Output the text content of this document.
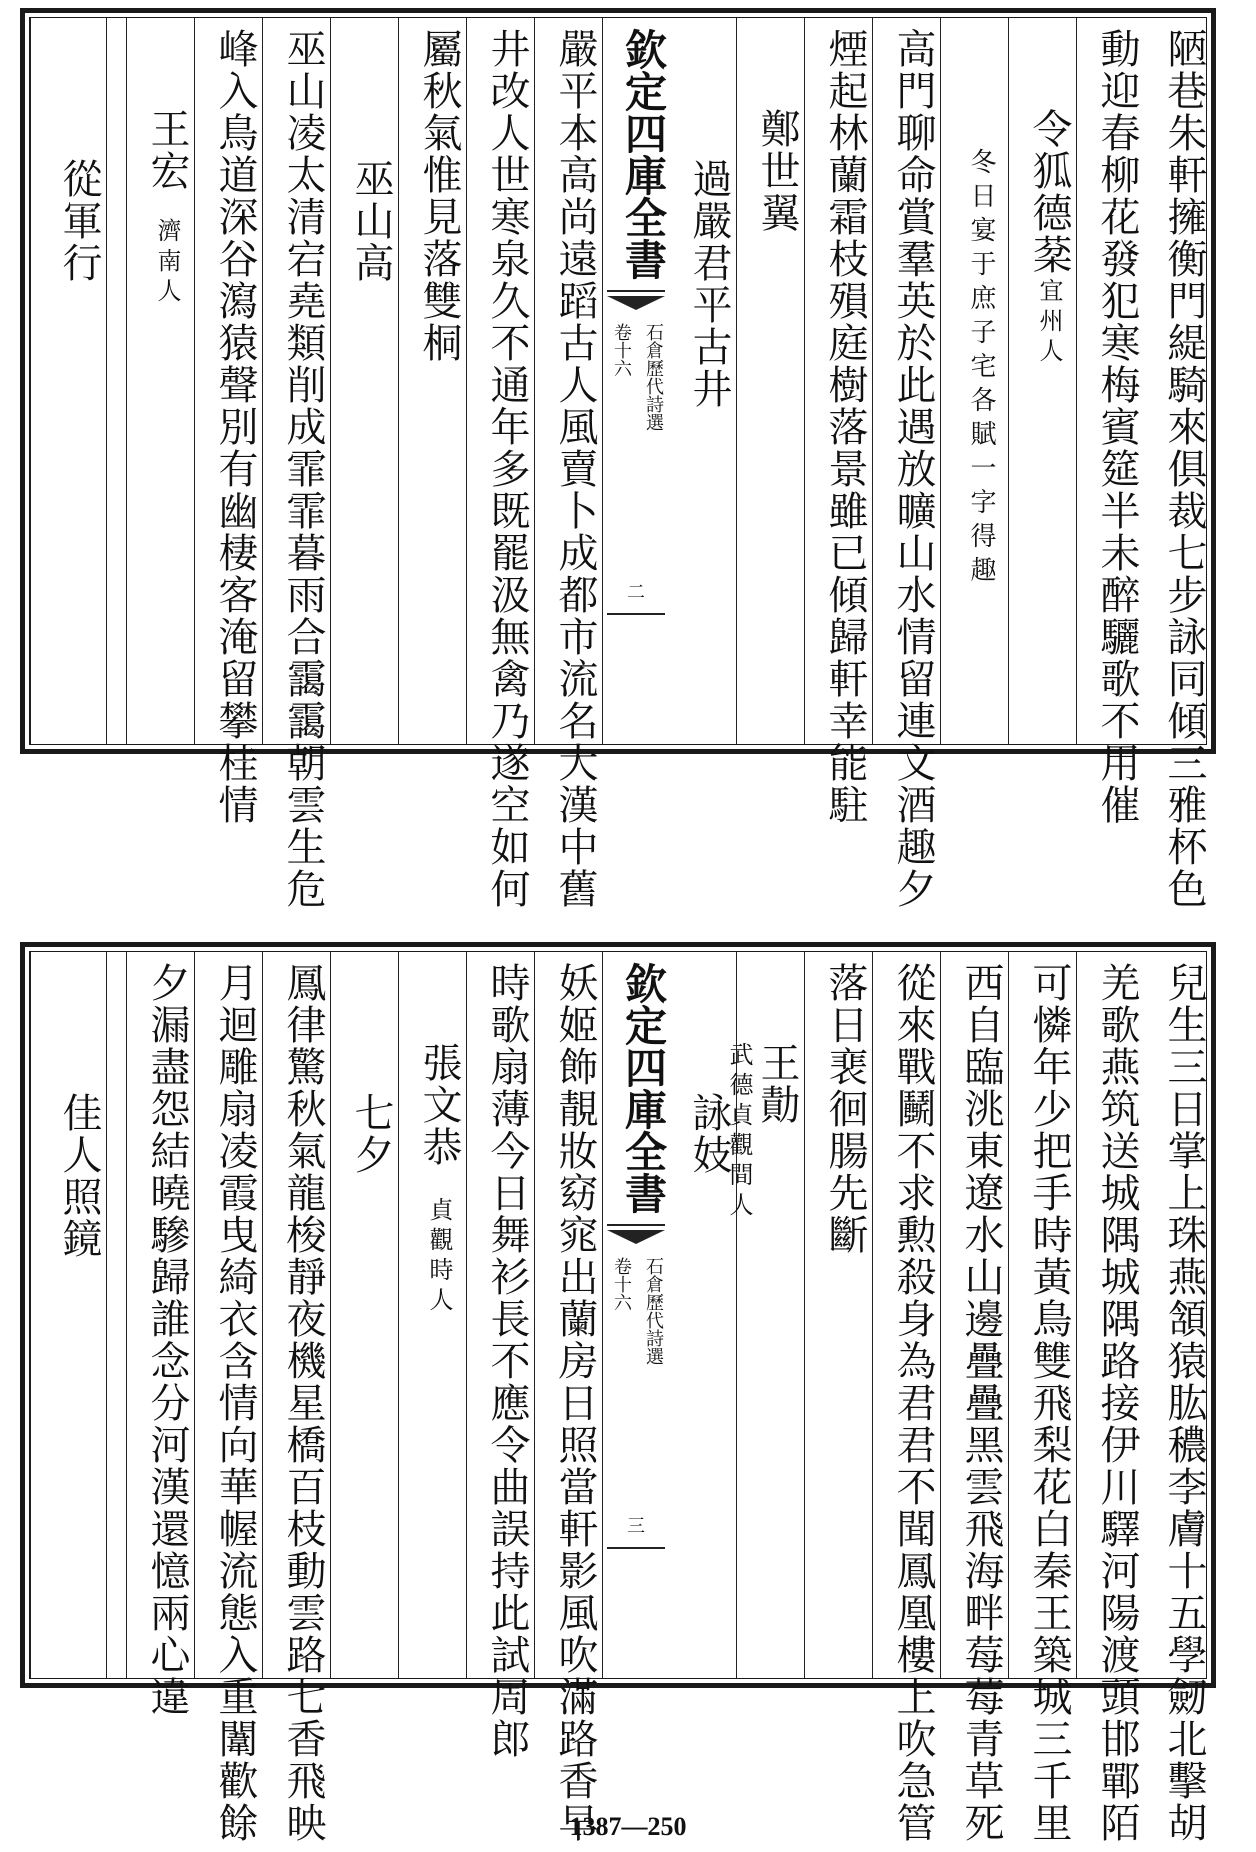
陋巷朱軒擁衡門緹騎來俱裁七步詠同傾三雅杯色
動迎春柳花發犯寒梅賓筵半未醉驪歌不用催
令狐德棻
宜州人
冬日宴于庶子宅各賦一字得趣
高門聊命賞羣英於此遇放曠山水情留連文酒趣夕
煙起林蘭霜枝殞庭樹落景雖已傾歸軒幸能駐
鄭世翼
過嚴君平古井
欽定四庫全書
石倉歷代詩選
卷十六
二
嚴平本高尚遠蹈古人風賣卜成都市流名大漢中舊
井改人世寒泉久不通年多既罷汲無禽乃遂空如何
屬秋氣惟見落雙桐
巫山高
巫山凌太清宕堯類削成霏霏暮雨合靄靄朝雲生危
峰入鳥道深谷瀉猿聲別有幽棲客淹留攀桂情
王宏
濟南人
從軍行
兒生三日掌上珠燕頷猿肱穠李膚十五學劒北擊胡
羌歌燕筑送城隅城隅路接伊川驛河陽渡頭邯鄲陌
可憐年少把手時黃鳥雙飛梨花白秦王築城三千里
西自臨洮東遼水山邊疊疊黑雲飛海畔莓莓青草死
從來戰鬭不求勲殺身為君君不聞鳳凰樓上吹急管
落日裵徊腸先斷
王勣
武德貞觀間人
詠妓
欽定四庫全書
石倉歷代詩選
卷十六
三
妖姬飾靚妝窈窕出蘭房日照當軒影風吹滿路香早
時歌扇薄今日舞衫長不應令曲誤持此試周郎
張文恭
貞觀時人
七夕
鳳律驚秋氣龍梭靜夜機星橋百枝動雲路七香飛映
月迴雕扇凌霞曳綺衣含情向華幄流態入重闈歡餘
夕漏盡怨結曉驂歸誰念分河漢還憶兩心違
佳人照鏡
1387—250
